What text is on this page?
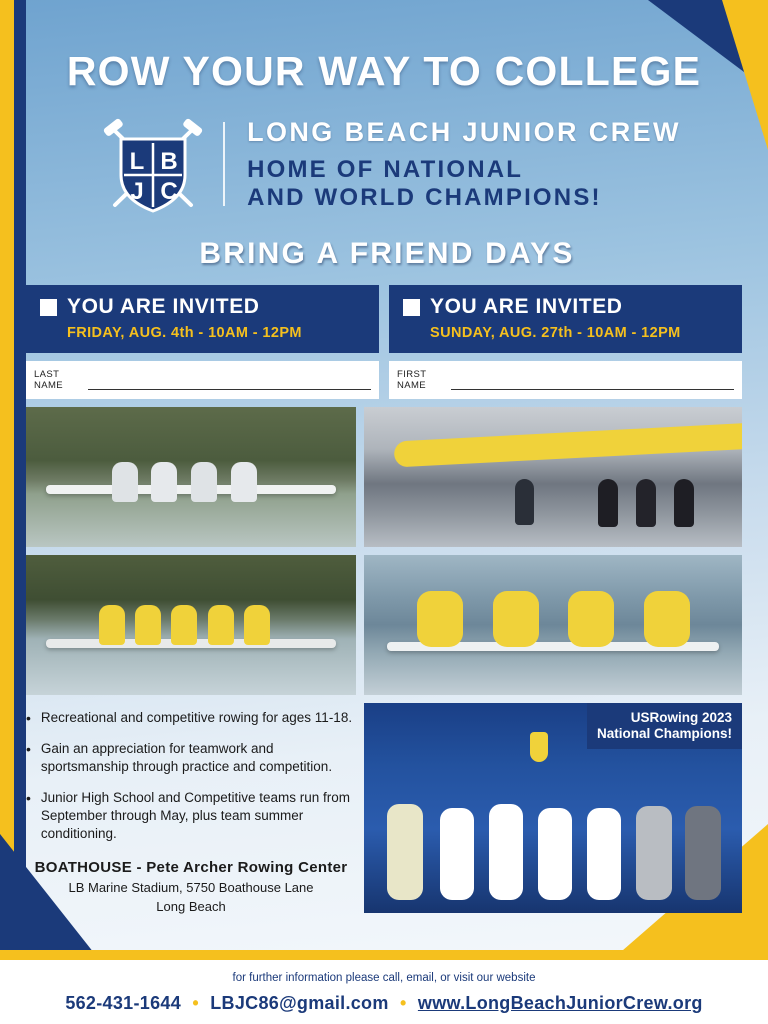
ROW YOUR WAY TO COLLEGE
L B
J C
LONG BEACH JUNIOR CREW
HOME OF NATIONAL
AND WORLD CHAMPIONS!
BRING A FRIEND DAYS
YOU ARE INVITED
FRIDAY, AUG. 4th - 10AM - 12PM
YOU ARE INVITED
SUNDAY, AUG. 27th - 10AM - 12PM
LAST
NAME
FIRST
NAME
• Recreational and competitive rowing for ages 11-18.
• Gain an appreciation for teamwork and sportsmanship through practice and competition.
• Junior High School and Competitive teams run from September through May, plus team summer conditioning.
BOATHOUSE - Pete Archer Rowing Center
LB Marine Stadium, 5750 Boathouse Lane
Long Beach
USRowing 2023
National Champions!
for further information please call, email, or visit our website
562-431-1644 • LBJC86@gmail.com • www.LongBeachJuniorCrew.org
